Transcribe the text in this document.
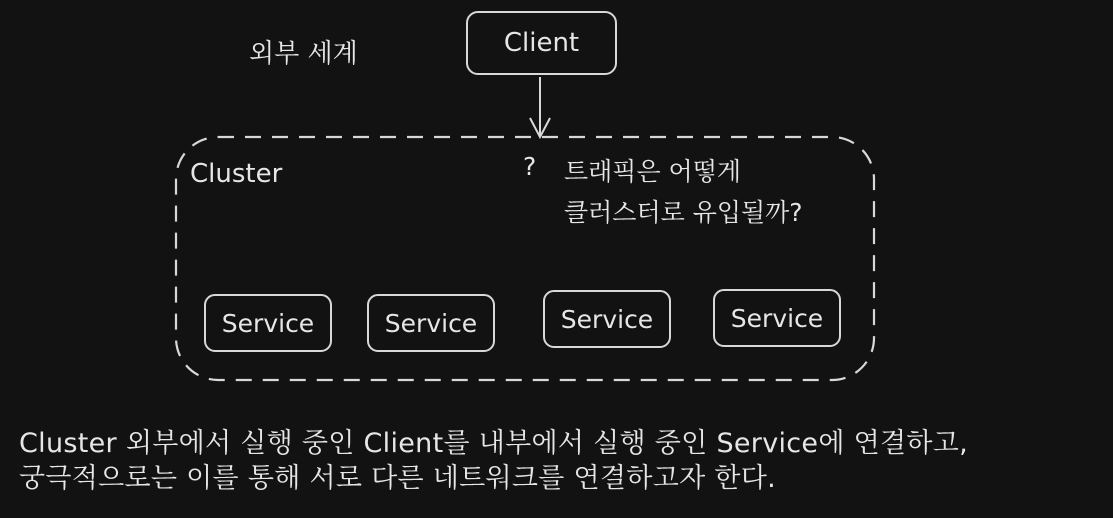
외부 세계	Client
Cluster	? 트래픽은 어떻게
클러스터로 유입될까?
Service	Service	Service	Service
Cluster 외부에서 실행 중인 Client를 내부에서 실행 중인 Service에 연결하고,
궁극적으로는 이를 통해 서로 다른 네트워크를 연결하고자 한다.
